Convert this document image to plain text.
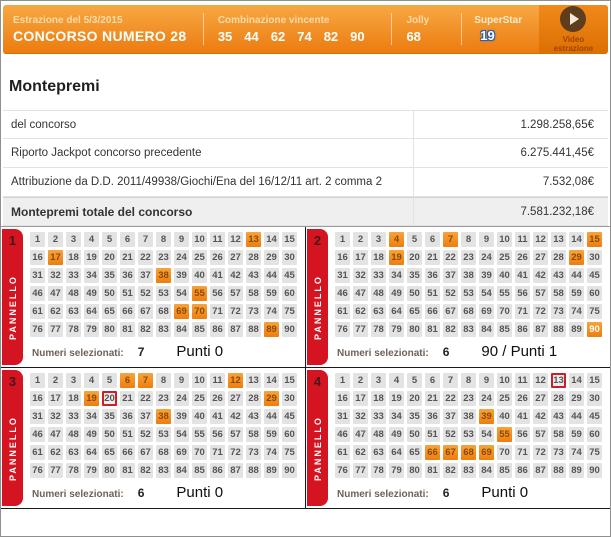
Estrazione del 5/3/2015
CONCORSO NUMERO 28
Combinazione vincente
35 44 62 74 82 90
Jolly
68
SuperStar
19	Video
estrazione
Montepremi
del concorso	1.298.258,65€
Riporto Jackpot concorso precedente	6.275.441,45€
Attribuzione da D.D. 2011/49938/Giochi/Ena del 16/12/11 art. 2 comma 2	7.532,08€
Montepremi totale del concorso	7.581.232,18€
1
PANNELLO
1	2	3	4	5	6	7	8	9	10 11 12 13 14 15
16 17 18 19 20 21 22 23 24 25 26 27 28 29 30
31 32 33 34 35 36 37 38 39 40 41 42 43 44 45
46 47 48 49 50 51 52 53 54 55 56 57 58 59 60
61 62 63 64 65 66 67 68 69 70 71 72 73 74 75
76 77 78 79 80 81 82 83 84 85 86 87 88 89 90
Numeri selezionati: 7 Punti 0
2
PANNELLO
1	2	3	4	5	6	7	8	9	10 11 12 13 14 15
16 17 18 19 20 21 22 23 24 25 26 27 28 29 30
31 32 33 34 35 36 37 38 39 40 41 42 43 44 45
46 47 48 49 50 51 52 53 54 55 56 57 58 59 60
61 62 63 64 65 66 67 68 69 70 71 72 73 74 75
76 77 78 79 80 81 82 83 84 85 86 87 88 89 90
Numeri selezionati: 6 90 / Punti 1
3
PANNELLO
1	2	3	4	5	6	7	8	9	10 11 12 13 14 15
16 17 18 19 20 21 22 23 24 25 26 27 28 29 30
31 32 33 34 35 36 37 38 39 40 41 42 43 44 45
46 47 48 49 50 51 52 53 54 55 56 57 58 59 60
61 62 63 64 65 66 67 68 69 70 71 72 73 74 75
76 77 78 79 80 81 82 83 84 85 86 87 88 89 90
Numeri selezionati: 6 Punti 0
4
PANNELLO
1	2	3	4	5	6	7	8	9	10 11 12 13 14 15
16 17 18 19 20 21 22 23 24 25 26 27 28 29 30
31 32 33 34 35 36 37 38 39 40 41 42 43 44 45
46 47 48 49 50 51 52 53 54 55 56 57 58 59 60
61 62 63 64 65 66 67 68 69 70 71 72 73 74 75
76 77 78 79 80 81 82 83 84 85 86 87 88 89 90
Numeri selezionati: 6 Punti 0
